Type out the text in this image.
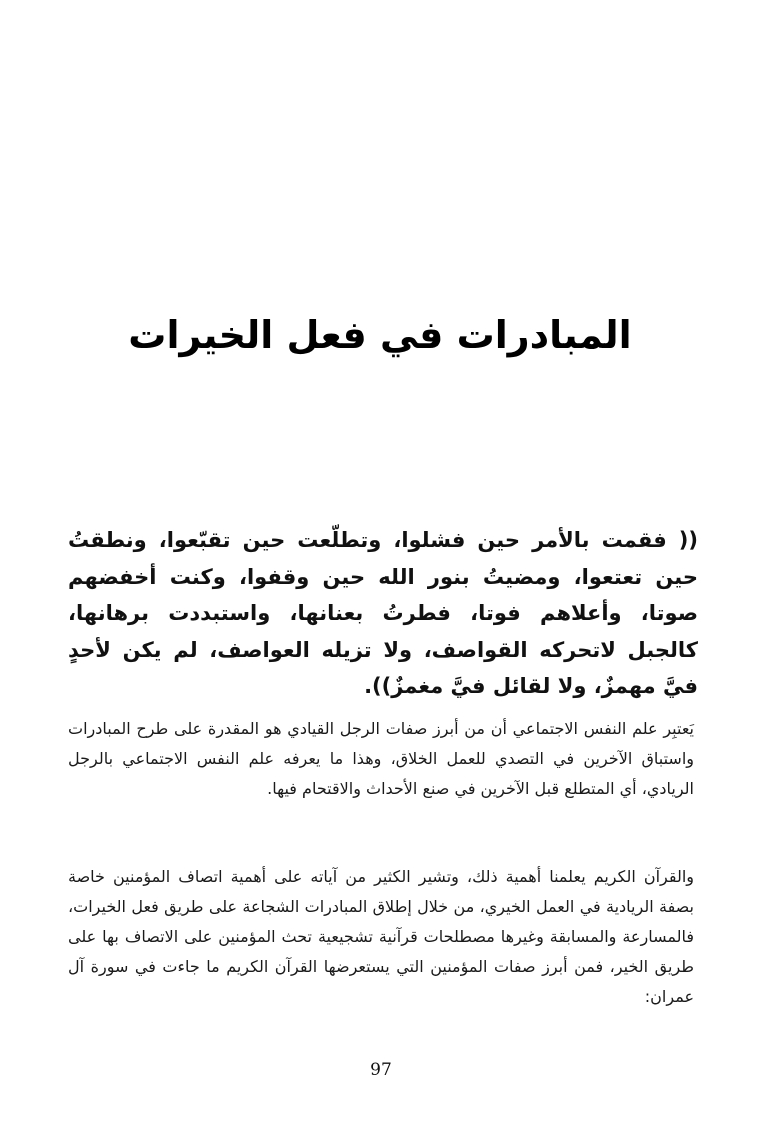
المبادرات في فعل الخيرات

(( فقمت بالأمر حين فشلوا، وتطلّعت حين تقبّعوا، ونطقتُ حين تعتعوا، ومضيتُ بنور الله حين وقفوا، وكنت أخفضهم صوتا، وأعلاهم فوتا، فطرتُ بعنانها، واستبددت برهانها، كالجبل لاتحركه القواصف، ولا تزيله العواصف، لم يكن لأحدٍ فيَّ مهمزٌ، ولا لقائل فيَّ مغمزٌ)).

يَعتبِر علم النفس الاجتماعي أن من أبرز صفات الرجل القيادي هو المقدرة على طرح المبادرات واستباق الآخرين في التصدي للعمل الخلاق، وهذا ما يعرفه علم النفس الاجتماعي بالرجل الريادي، أي المتطلع قبل الآخرين في صنع الأحداث والاقتحام فيها.

والقرآن الكريم يعلمنا أهمية ذلك، وتشير الكثير من آياته على أهمية اتصاف المؤمنين خاصة بصفة الريادية في العمل الخيري، من خلال إطلاق المبادرات الشجاعة على طريق فعل الخيرات، فالمسارعة والمسابقة وغيرها مصطلحات قرآنية تشجيعية تحث المؤمنين على الاتصاف بها على طريق الخير، فمن أبرز صفات المؤمنين التي يستعرضها القرآن الكريم ما جاءت في سورة آل عمران:

97
